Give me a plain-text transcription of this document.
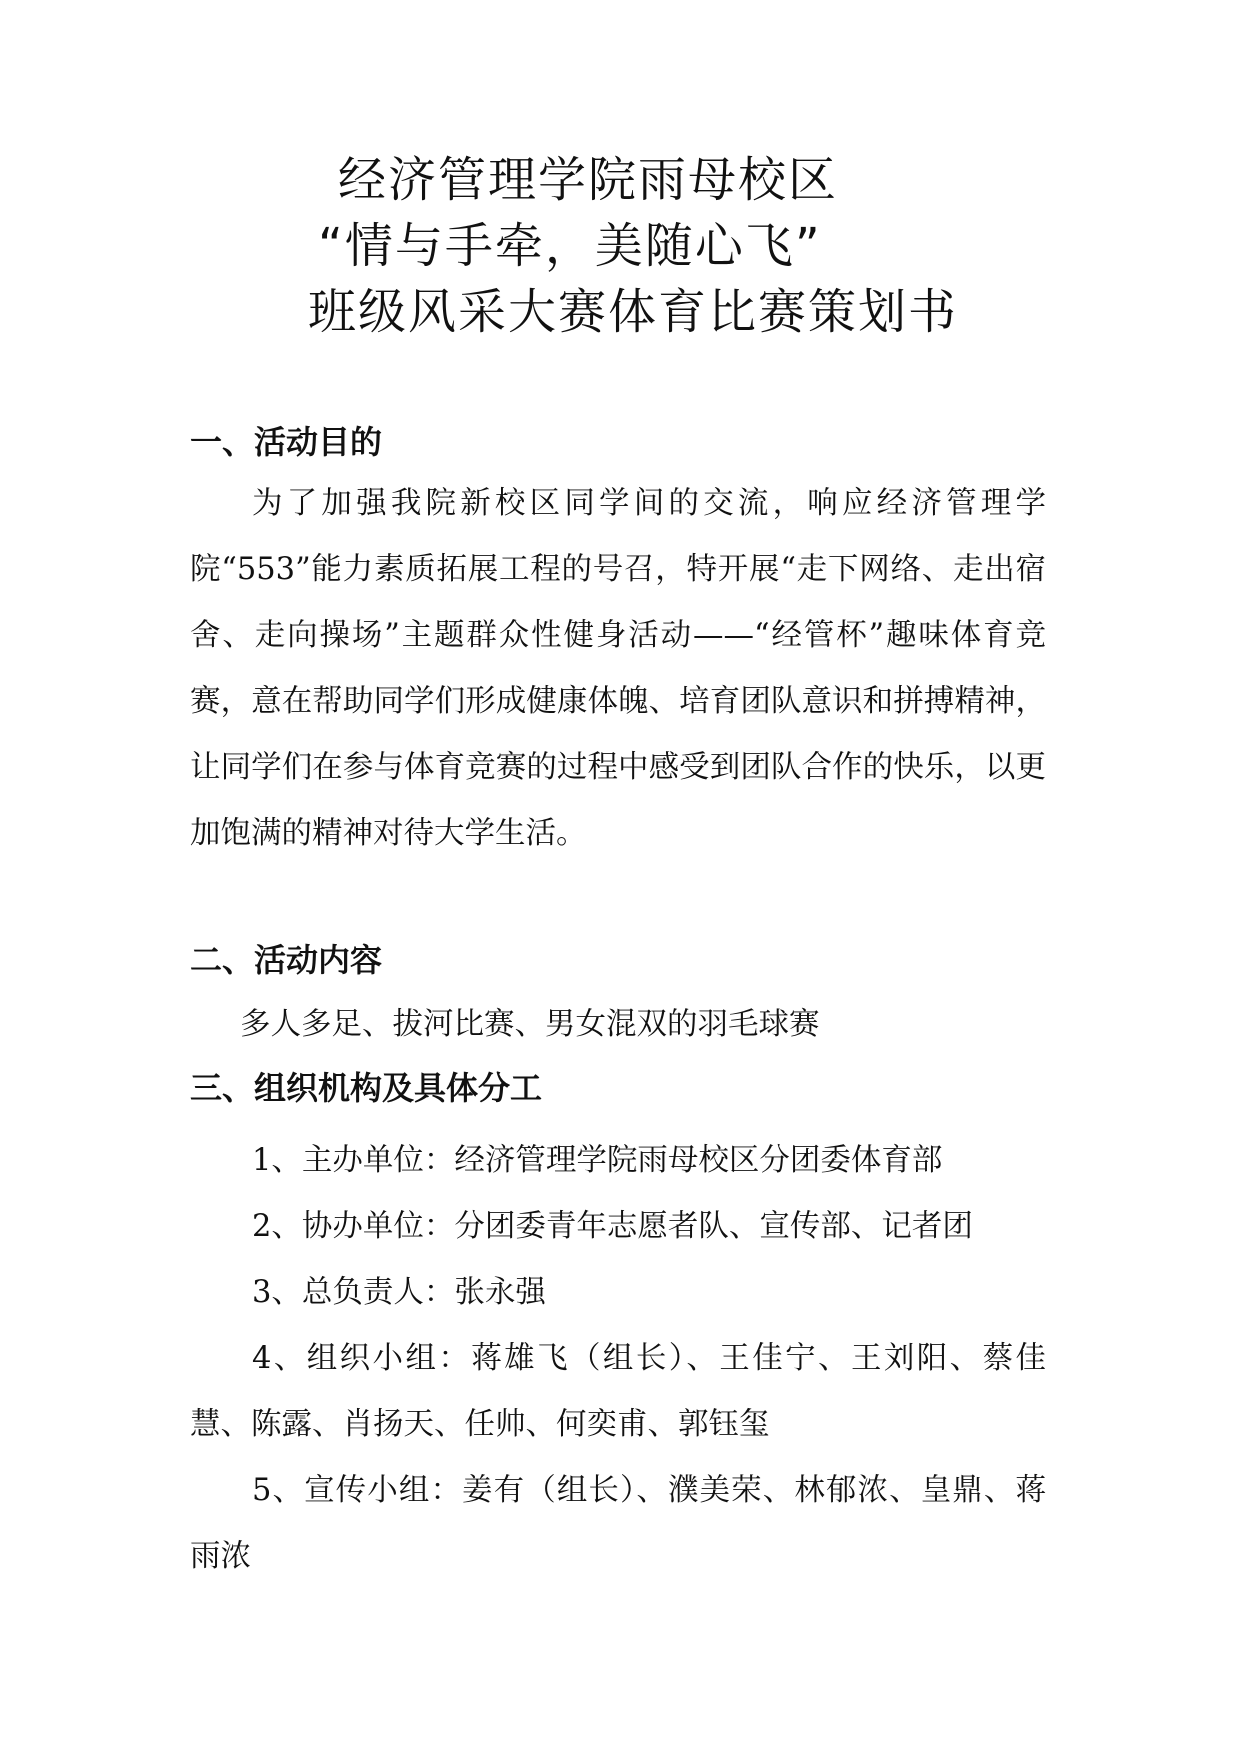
经济管理学院雨母校区
“情与手牵，美随心飞”
班级风采大赛体育比赛策划书
一、活动目的
为了加强我院新校区同学间的交流，响应经济管理学院“553”能力素质拓展工程的号召，特开展“走下网络、走出宿舍、走向操场”主题群众性健身活动——“经管杯”趣味体育竞赛，意在帮助同学们形成健康体魄、培育团队意识和拼搏精神，让同学们在参与体育竞赛的过程中感受到团队合作的快乐，以更加饱满的精神对待大学生活。
二、活动内容
多人多足、拔河比赛、男女混双的羽毛球赛
三、组织机构及具体分工
1、主办单位：经济管理学院雨母校区分团委体育部
2、协办单位：分团委青年志愿者队、宣传部、记者团
3、总负责人：张永强
4、组织小组：蒋雄飞（组长）、王佳宁、王刘阳、蔡佳慧、陈露、肖扬天、任帅、何奕甫、郭钰玺
5、宣传小组：姜有（组长）、濮美荣、林郁浓、皇鼎、蒋雨浓
